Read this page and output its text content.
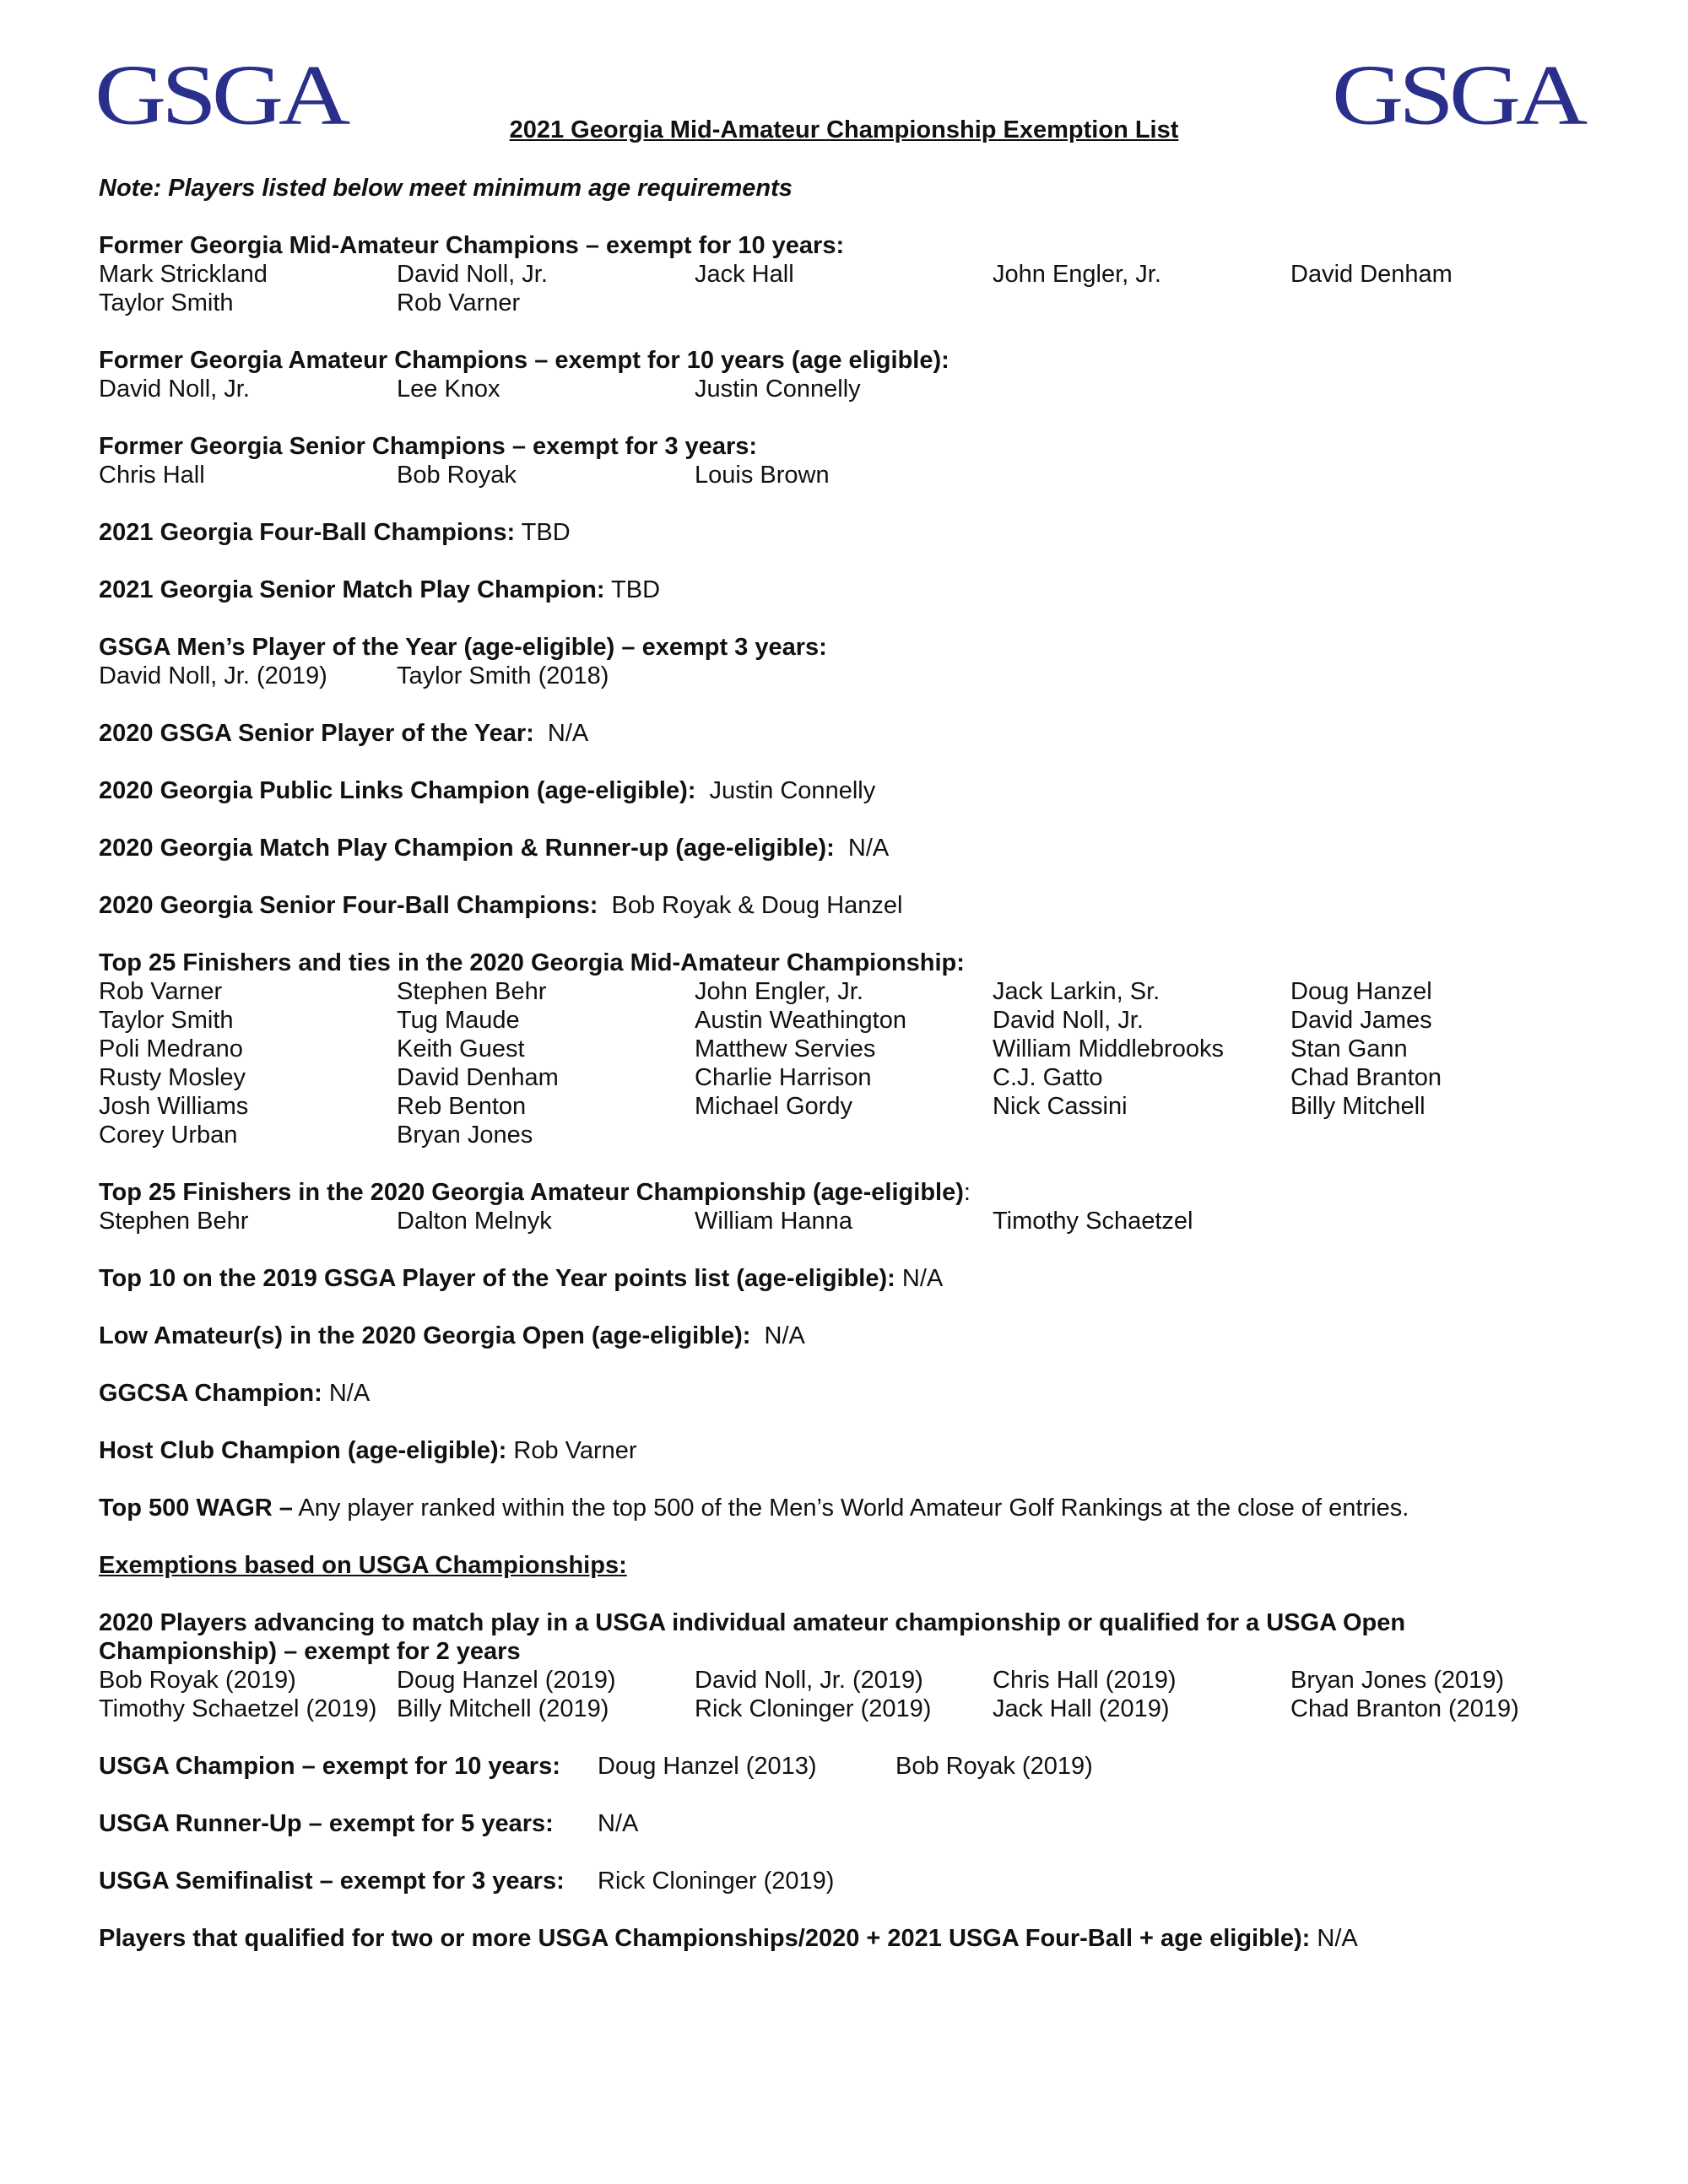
GSGA	GSGA
2021 Georgia Mid-Amateur Championship Exemption List
Note: Players listed below meet minimum age requirements
Former Georgia Mid-Amateur Champions – exempt for 10 years:
Mark Strickland	David Noll, Jr.	Jack Hall	John Engler, Jr.	David Denham
Taylor Smith	Rob Varner
Former Georgia Amateur Champions – exempt for 10 years (age eligible):
David Noll, Jr.	Lee Knox	Justin Connelly
Former Georgia Senior Champions – exempt for 3 years:
Chris Hall	Bob Royak	Louis Brown
2021 Georgia Four-Ball Champions: TBD
2021 Georgia Senior Match Play Champion: TBD
GSGA Men’s Player of the Year (age-eligible) – exempt 3 years:
David Noll, Jr. (2019)	Taylor Smith (2018)
2020 GSGA Senior Player of the Year:  N/A
2020 Georgia Public Links Champion (age-eligible):  Justin Connelly
2020 Georgia Match Play Champion & Runner-up (age-eligible):  N/A
2020 Georgia Senior Four-Ball Champions:  Bob Royak & Doug Hanzel
Top 25 Finishers and ties in the 2020 Georgia Mid-Amateur Championship:
Rob Varner	Stephen Behr	John Engler, Jr.	Jack Larkin, Sr.	Doug Hanzel
Taylor Smith	Tug Maude	Austin Weathington	David Noll, Jr.	David James
Poli Medrano	Keith Guest	Matthew Servies	William Middlebrooks	Stan Gann
Rusty Mosley	David Denham	Charlie Harrison	C.J. Gatto	Chad Branton
Josh Williams	Reb Benton	Michael Gordy	Nick Cassini	Billy Mitchell
Corey Urban	Bryan Jones
Top 25 Finishers in the 2020 Georgia Amateur Championship (age-eligible):
Stephen Behr	Dalton Melnyk	William Hanna	Timothy Schaetzel
Top 10 on the 2019 GSGA Player of the Year points list (age-eligible): N/A
Low Amateur(s) in the 2020 Georgia Open (age-eligible):  N/A
GGCSA Champion: N/A
Host Club Champion (age-eligible): Rob Varner
Top 500 WAGR – Any player ranked within the top 500 of the Men’s World Amateur Golf Rankings at the close of entries.
Exemptions based on USGA Championships:
2020 Players advancing to match play in a USGA individual amateur championship or qualified for a USGA Open
Championship) – exempt for 2 years
Bob Royak (2019)	Doug Hanzel (2019)	David Noll, Jr. (2019)	Chris Hall (2019)	Bryan Jones (2019)
Timothy Schaetzel (2019) Billy Mitchell (2019)	Rick Cloninger (2019)	Jack Hall (2019)	Chad Branton (2019)
USGA Champion – exempt for 10 years:	Doug Hanzel (2013)	Bob Royak (2019)
USGA Runner-Up – exempt for 5 years:	N/A
USGA Semifinalist – exempt for 3 years:	Rick Cloninger (2019)
Players that qualified for two or more USGA Championships/2020 + 2021 USGA Four-Ball + age eligible): N/A
